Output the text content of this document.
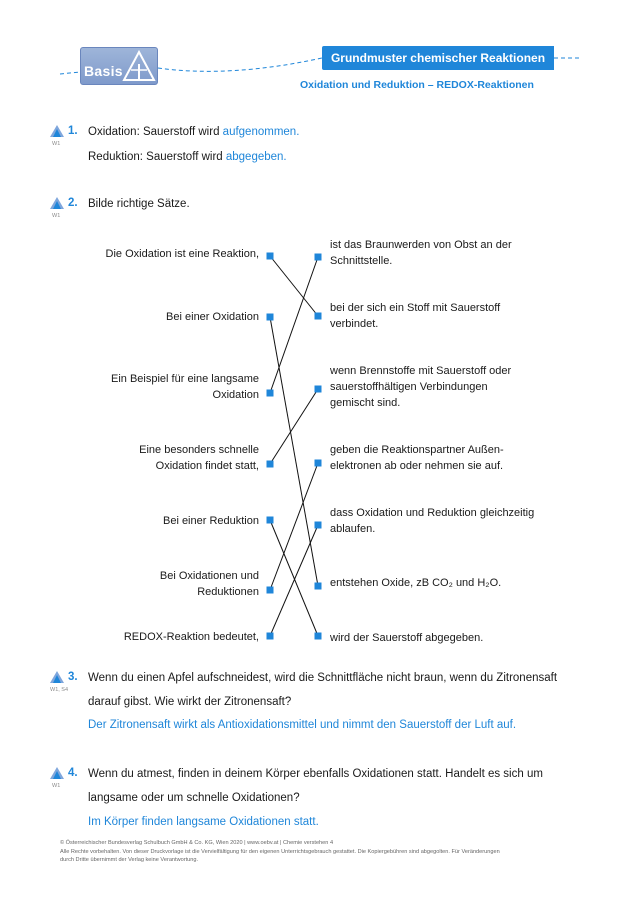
Basis
Grundmuster chemischer Reaktionen
Oxidation und Reduktion – REDOX-Reaktionen
W1
1. Oxidation: Sauerstoff wird aufgenommen.
Reduktion: Sauerstoff wird abgegeben.
W1
2. Bilde richtige Sätze.
Die Oxidation ist eine Reaktion,
Bei einer Oxidation
Ein Beispiel für eine langsame
Oxidation
Eine besonders schnelle
Oxidation findet statt,
Bei einer Reduktion
Bei Oxidationen und
Reduktionen
REDOX-Reaktion bedeutet,
ist das Braunwerden von Obst an der
Schnittstelle.
bei der sich ein Stoff mit Sauerstoff
verbindet.
wenn Brennstoffe mit Sauerstoff oder
sauerstoffhältigen Verbindungen
gemischt sind.
geben die Reaktionspartner Außen-
elektronen ab oder nehmen sie auf.
dass Oxidation und Reduktion gleichzeitig
ablaufen.
entstehen Oxide, zB CO₂ und H₂O.
wird der Sauerstoff abgegeben.
W1, S4
3. Wenn du einen Apfel aufschneidest, wird die Schnittfläche nicht braun, wenn du Zitronensaft
darauf gibst. Wie wirkt der Zitronensaft?
Der Zitronensaft wirkt als Antioxidationsmittel und nimmt den Sauerstoff der Luft auf.
W1
4. Wenn du atmest, finden in deinem Körper ebenfalls Oxidationen statt. Handelt es sich um
langsame oder um schnelle Oxidationen?
Im Körper finden langsame Oxidationen statt.
© Österreichischer Bundesverlag Schulbuch GmbH & Co. KG, Wien 2020 | www.oebv.at | Chemie verstehen 4
Alle Rechte vorbehalten. Von dieser Druckvorlage ist die Vervielfältigung für den eigenen Unterrichtsgebrauch gestattet. Die Kopiergebühren sind abgegolten. Für Veränderungen
durch Dritte übernimmt der Verlag keine Verantwortung.
